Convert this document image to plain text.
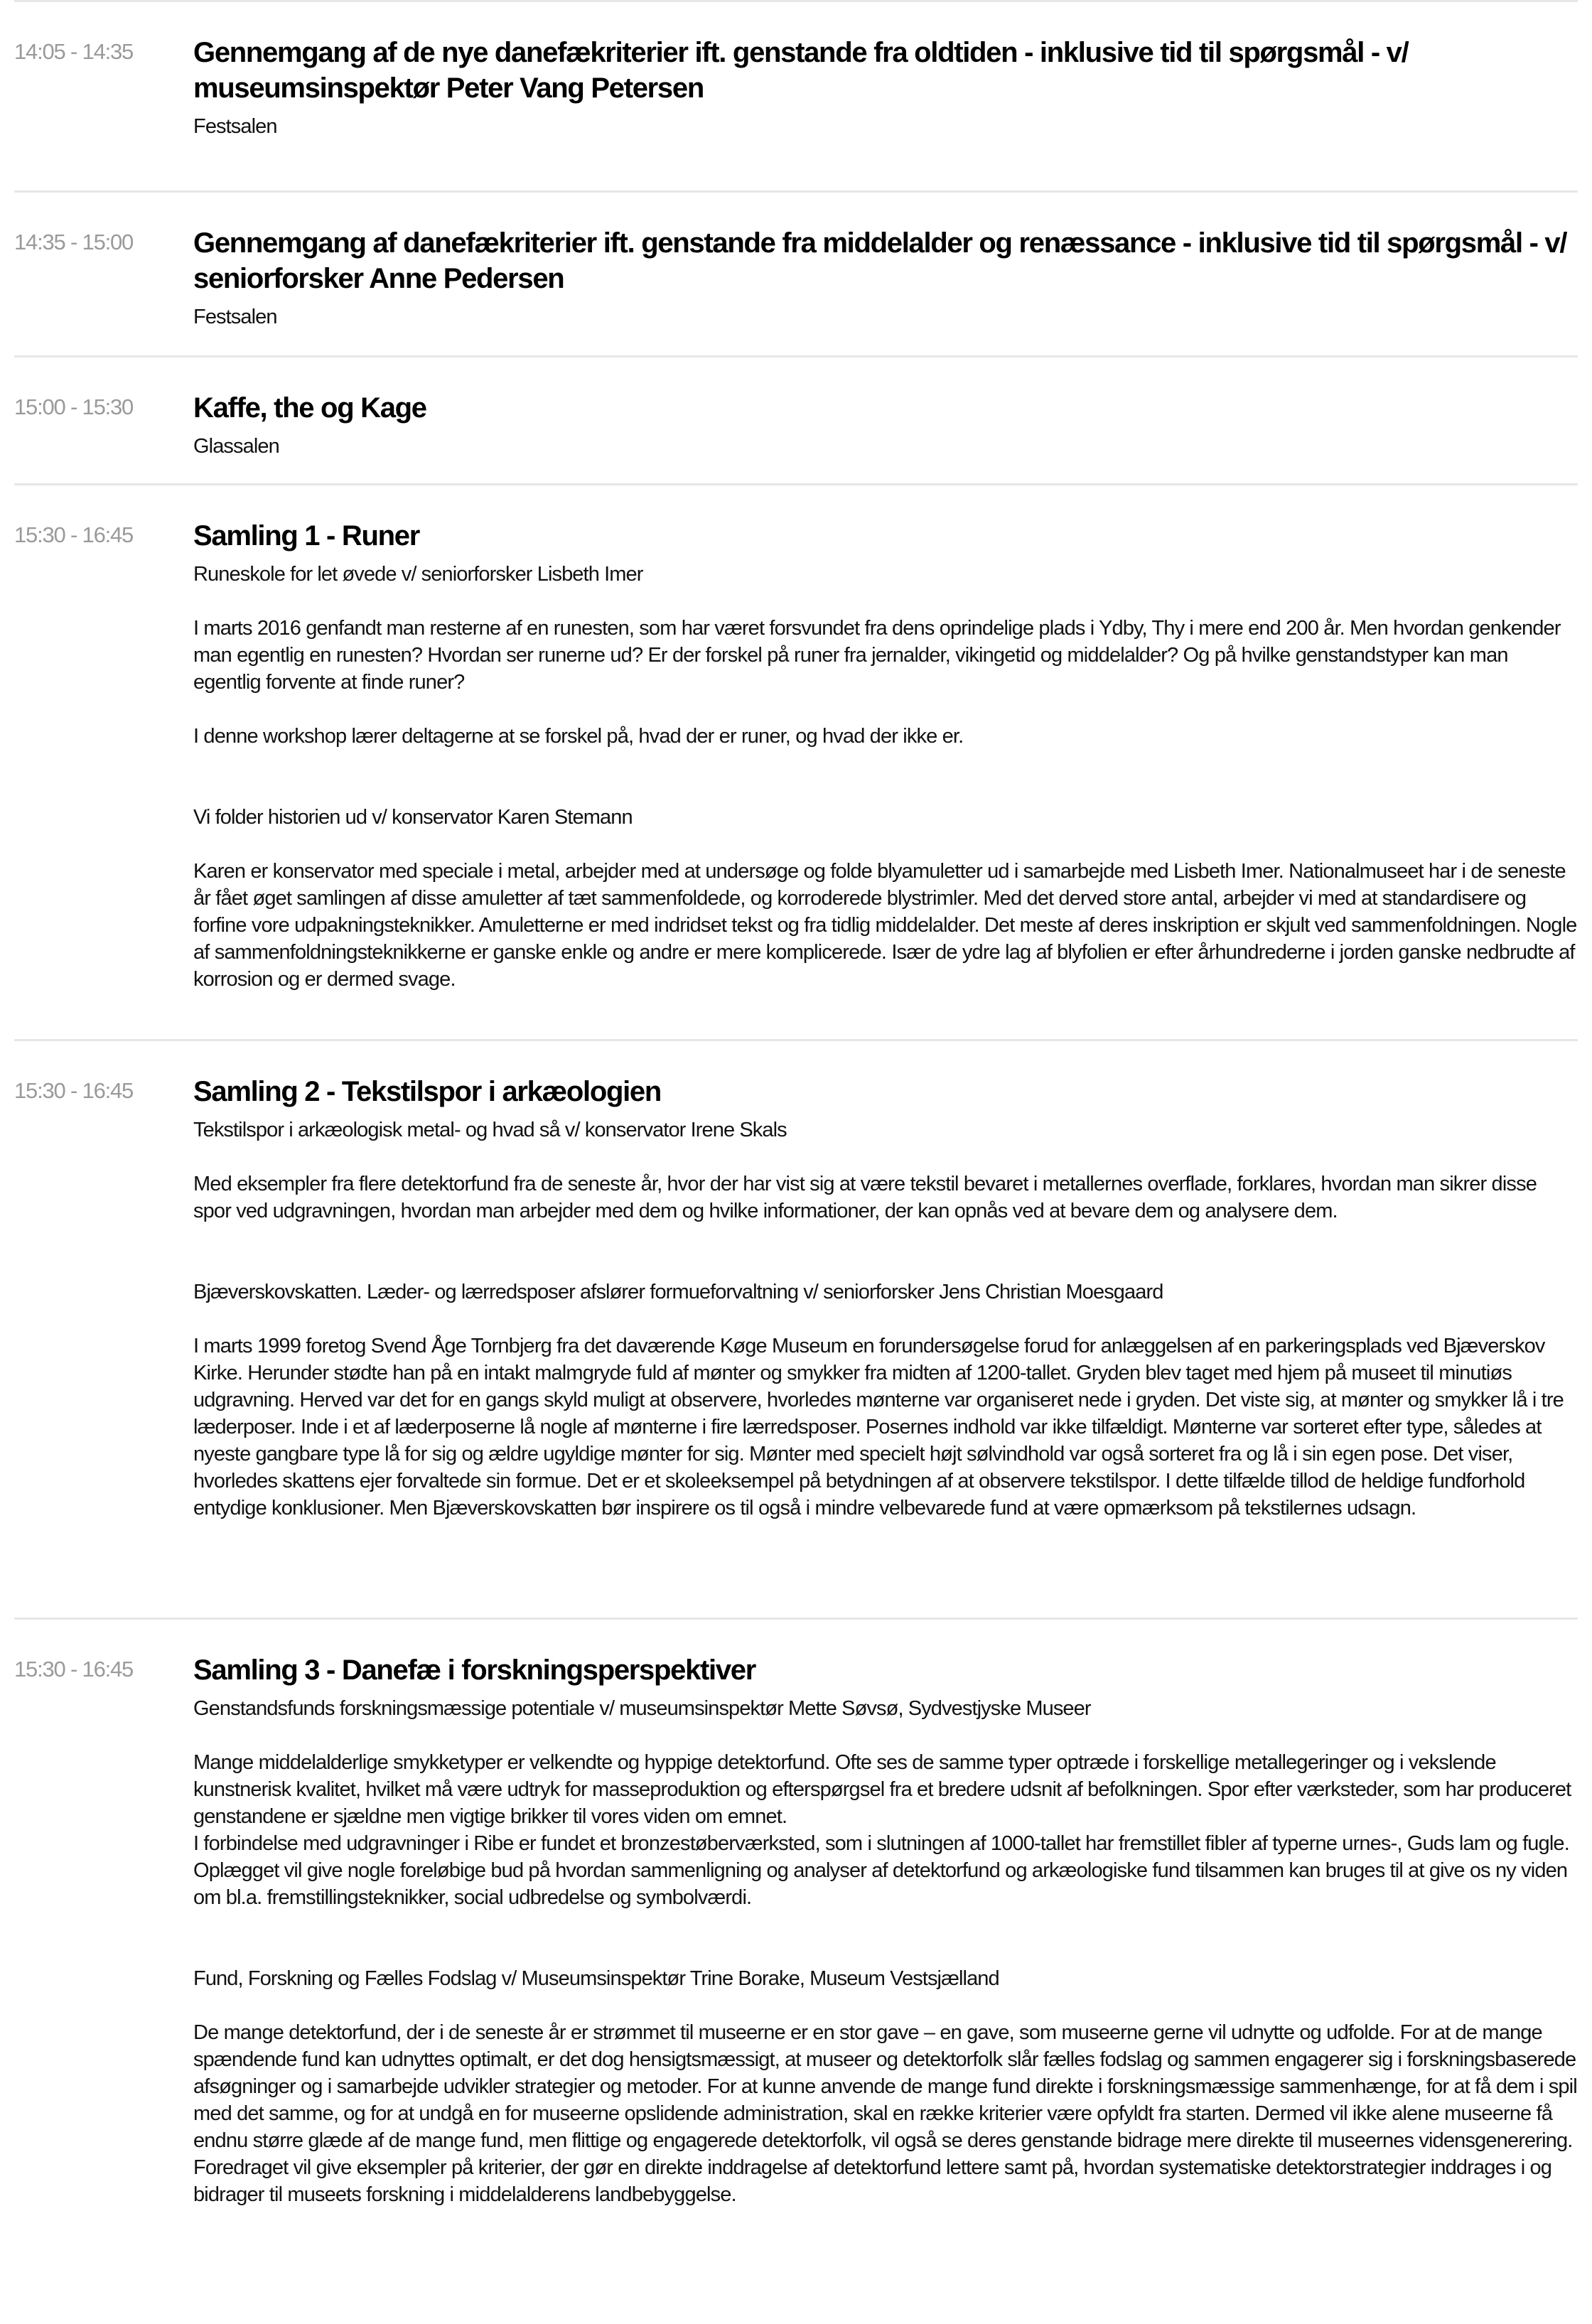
14:05 - 14:35	Gennemgang af de nye danefækriterier ift. genstande fra oldtiden - inklusive tid til spørgsmål - v/ museumsinspektør Peter Vang Petersen
Festsalen
14:35 - 15:00	Gennemgang af danefækriterier ift. genstande fra middelalder og renæssance - inklusive tid til spørgsmål - v/ seniorforsker Anne Pedersen
Festsalen
15:00 - 15:30	Kaffe, the og Kage
Glassalen
15:30 - 16:45	Samling 1 - Runer
Runeskole for let øvede v/ seniorforsker Lisbeth Imer
I marts 2016 genfandt man resterne af en runesten, som har været forsvundet fra dens oprindelige plads i Ydby, Thy i mere end 200 år. Men hvordan genkender man egentlig en runesten? Hvordan ser runerne ud? Er der forskel på runer fra jernalder, vikingetid og middelalder? Og på hvilke genstandstyper kan man egentlig forvente at finde runer?
I denne workshop lærer deltagerne at se forskel på, hvad der er runer, og hvad der ikke er.
Vi folder historien ud v/ konservator Karen Stemann
Karen er konservator med speciale i metal, arbejder med at undersøge og folde blyamuletter ud i samarbejde med Lisbeth Imer. Nationalmuseet har i de seneste år fået øget samlingen af disse amuletter af tæt sammenfoldede, og korroderede blystrimler. Med det derved store antal, arbejder vi med at standardisere og forfine vore udpakningsteknikker. Amuletterne er med indridset tekst og fra tidlig middelalder. Det meste af deres inskription er skjult ved sammenfoldningen. Nogle af sammenfoldningsteknikkerne er ganske enkle og andre er mere komplicerede. Især de ydre lag af blyfolien er efter århundrederne i jorden ganske nedbrudte af korrosion og er dermed svage.
15:30 - 16:45	Samling 2 - Tekstilspor i arkæologien
Tekstilspor i arkæologisk metal- og hvad så v/ konservator Irene Skals
Med eksempler fra flere detektorfund fra de seneste år, hvor der har vist sig at være tekstil bevaret i metallernes overflade, forklares, hvordan man sikrer disse spor ved udgravningen, hvordan man arbejder med dem og hvilke informationer, der kan opnås ved at bevare dem og analysere dem.
Bjæverskovskatten. Læder- og lærredsposer afslører formueforvaltning v/ seniorforsker Jens Christian Moesgaard
I marts 1999 foretog Svend Åge Tornbjerg fra det daværende Køge Museum en forundersøgelse forud for anlæggelsen af en parkeringsplads ved Bjæverskov Kirke. Herunder stødte han på en intakt malmgryde fuld af mønter og smykker fra midten af 1200-tallet. Gryden blev taget med hjem på museet til minutiøs udgravning. Herved var det for en gangs skyld muligt at observere, hvorledes mønterne var organiseret nede i gryden. Det viste sig, at mønter og smykker lå i tre læderposer. Inde i et af læderposerne lå nogle af mønterne i fire lærredsposer. Posernes indhold var ikke tilfældigt. Mønterne var sorteret efter type, således at nyeste gangbare type lå for sig og ældre ugyldige mønter for sig. Mønter med specielt højt sølvindhold var også sorteret fra og lå i sin egen pose. Det viser, hvorledes skattens ejer forvaltede sin formue. Det er et skoleeksempel på betydningen af at observere tekstilspor. I dette tilfælde tillod de heldige fundforhold entydige konklusioner. Men Bjæverskovskatten bør inspirere os til også i mindre velbevarede fund at være opmærksom på tekstilernes udsagn.
15:30 - 16:45	Samling 3 - Danefæ i forskningsperspektiver
Genstandsfunds forskningsmæssige potentiale v/ museumsinspektør Mette Søvsø, Sydvestjyske Museer
Mange middelalderlige smykketyper er velkendte og hyppige detektorfund. Ofte ses de samme typer optræde i forskellige metallegeringer og i vekslende kunstnerisk kvalitet, hvilket må være udtryk for masseproduktion og efterspørgsel fra et bredere udsnit af befolkningen. Spor efter værksteder, som har produceret genstandene er sjældne men vigtige brikker til vores viden om emnet.
I forbindelse med udgravninger i Ribe er fundet et bronzestøberværksted, som i slutningen af 1000-tallet har fremstillet fibler af typerne urnes-, Guds lam og fugle. Oplægget vil give nogle foreløbige bud på hvordan sammenligning og analyser af detektorfund og arkæologiske fund tilsammen kan bruges til at give os ny viden om bl.a. fremstillingsteknikker, social udbredelse og symbolværdi.
Fund, Forskning og Fælles Fodslag v/ Museumsinspektør Trine Borake, Museum Vestsjælland
De mange detektorfund, der i de seneste år er strømmet til museerne er en stor gave – en gave, som museerne gerne vil udnytte og udfolde. For at de mange spændende fund kan udnyttes optimalt, er det dog hensigtsmæssigt, at museer og detektorfolk slår fælles fodslag og sammen engagerer sig i forskningsbaserede afsøgninger og i samarbejde udvikler strategier og metoder. For at kunne anvende de mange fund direkte i forskningsmæssige sammenhænge, for at få dem i spil med det samme, og for at undgå en for museerne opslidende administration, skal en række kriterier være opfyldt fra starten. Dermed vil ikke alene museerne få endnu større glæde af de mange fund, men flittige og engagerede detektorfolk, vil også se deres genstande bidrage mere direkte til museernes vidensgenerering. Foredraget vil give eksempler på kriterier, der gør en direkte inddragelse af detektorfund lettere samt på, hvordan systematiske detektorstrategier inddrages i og bidrager til museets forskning i middelalderens landbebyggelse.
